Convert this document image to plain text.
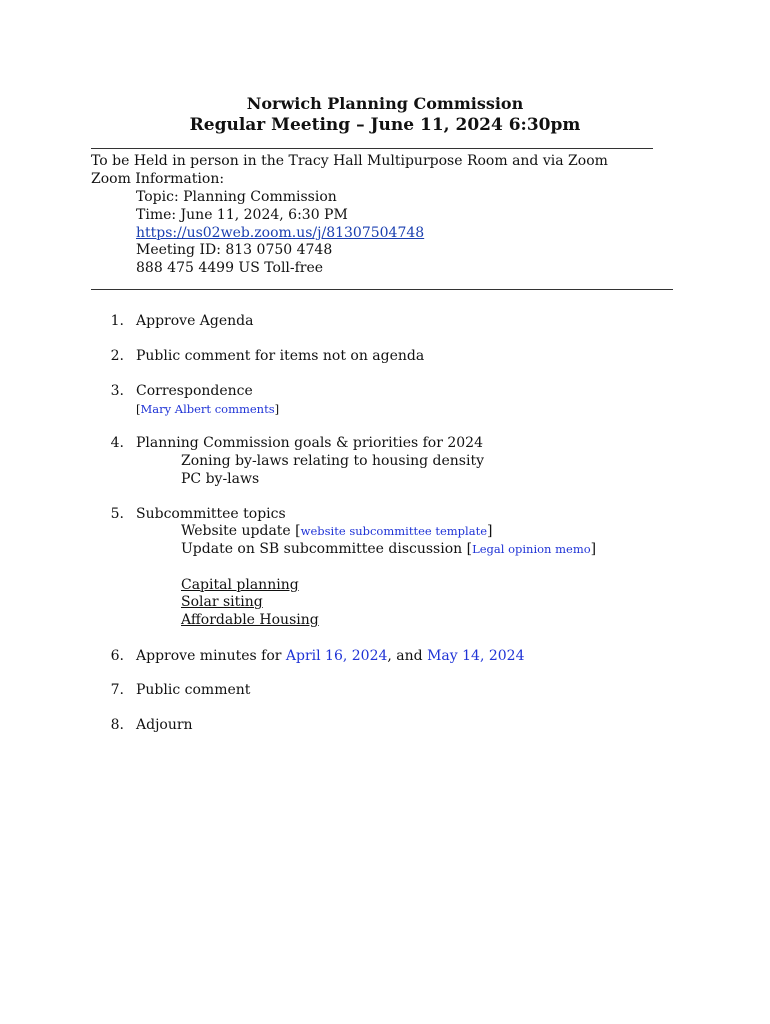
Norwich Planning Commission
Regular Meeting – June 11, 2024 6:30pm
To be Held in person in the Tracy Hall Multipurpose Room and via Zoom
Zoom Information:
Topic: Planning Commission
Time: June 11, 2024, 6:30 PM
https://us02web.zoom.us/j/81307504748
Meeting ID: 813 0750 4748
888 475 4499 US Toll-free
1. Approve Agenda
2. Public comment for items not on agenda
3. Correspondence
[Mary Albert comments]
4. Planning Commission goals & priorities for 2024
Zoning by-laws relating to housing density
PC by-laws
5. Subcommittee topics
Website update [website subcommittee template]
Update on SB subcommittee discussion [Legal opinion memo]
Capital planning
Solar siting
Affordable Housing
6. Approve minutes for April 16, 2024, and May 14, 2024
7. Public comment
8. Adjourn
